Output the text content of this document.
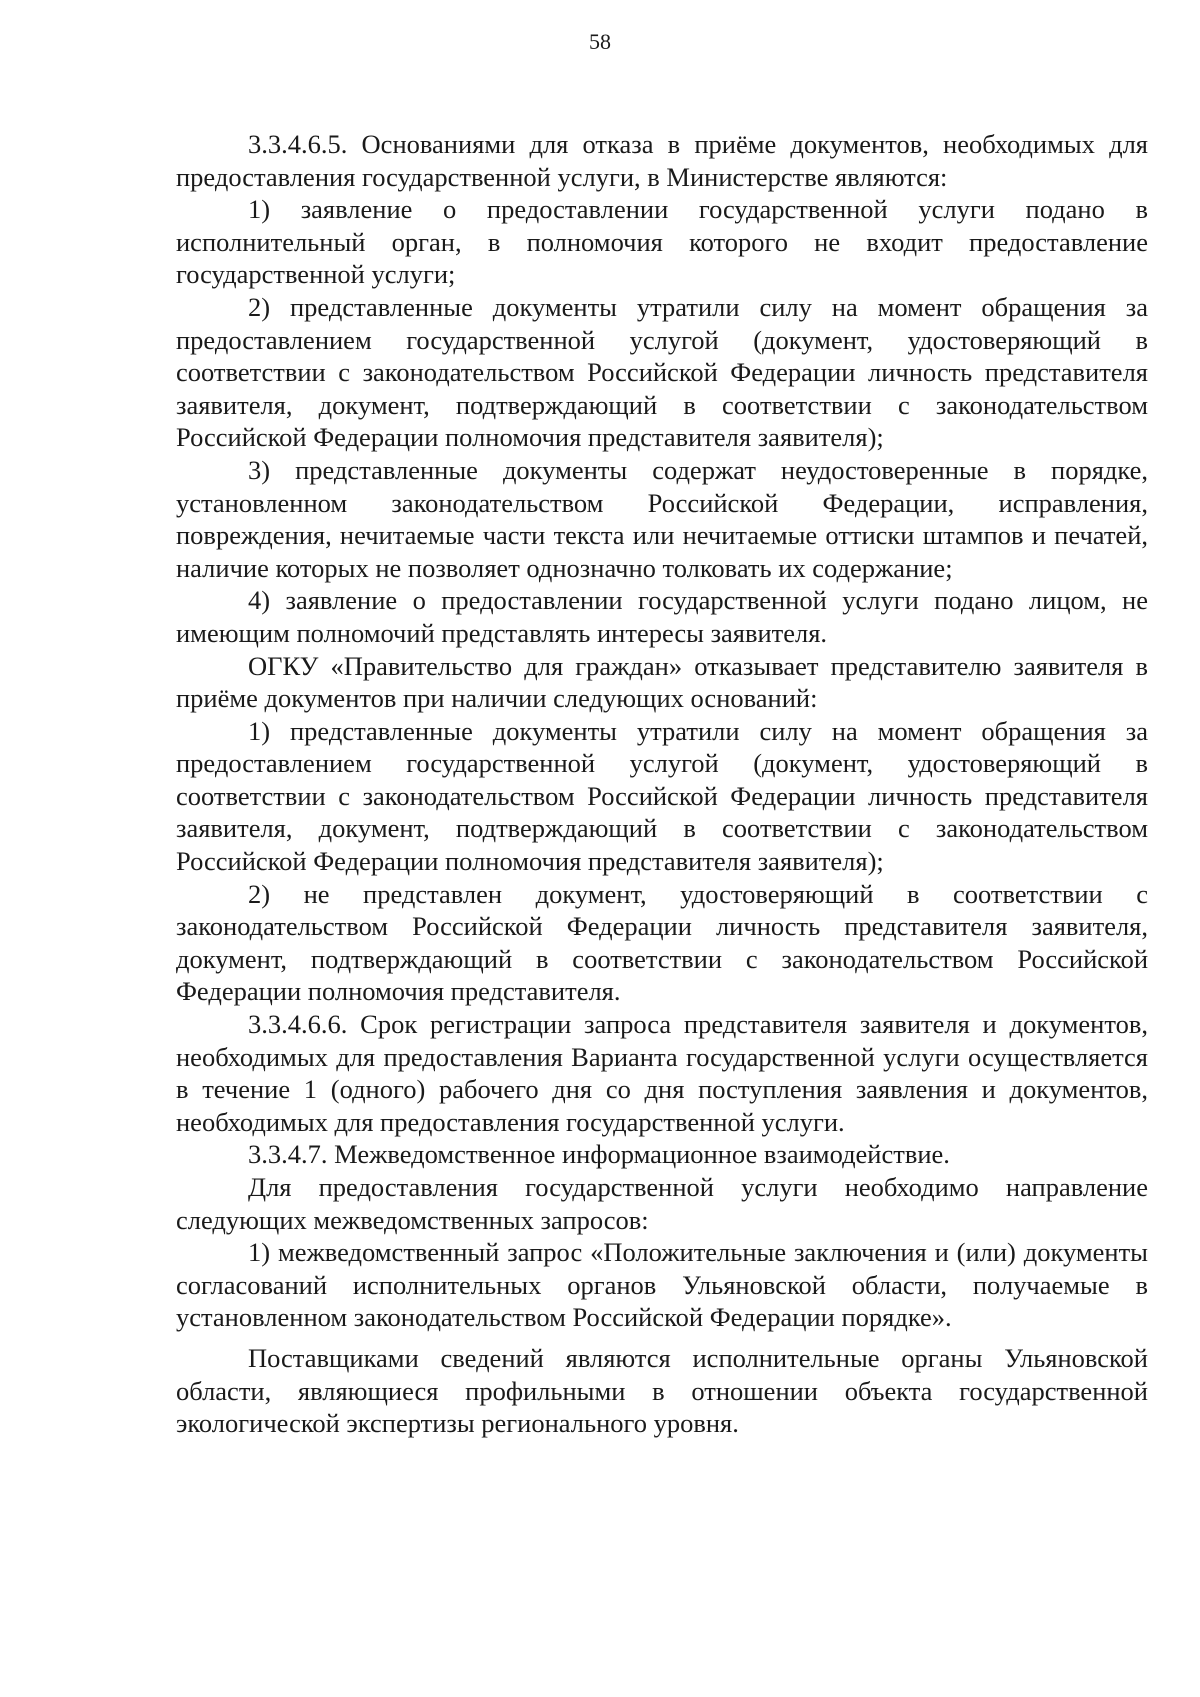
58

3.3.4.6.5. Основаниями для отказа в приёме документов, необходимых для предоставления государственной услуги, в Министерстве являются:

1) заявление о предоставлении государственной услуги подано в исполнительный орган, в полномочия которого не входит предоставление государственной услуги;

2) представленные документы утратили силу на момент обращения за предоставлением государственной услугой (документ, удостоверяющий в соответствии с законодательством Российской Федерации личность представителя заявителя, документ, подтверждающий в соответствии с законодательством Российской Федерации полномочия представителя заявителя);

3) представленные документы содержат неудостоверенные в порядке, установленном законодательством Российской Федерации, исправления, повреждения, нечитаемые части текста или нечитаемые оттиски штампов и печатей, наличие которых не позволяет однозначно толковать их содержание;

4) заявление о предоставлении государственной услуги подано лицом, не имеющим полномочий представлять интересы заявителя.

ОГКУ «Правительство для граждан» отказывает представителю заявителя в приёме документов при наличии следующих оснований:

1) представленные документы утратили силу на момент обращения за предоставлением государственной услугой (документ, удостоверяющий в соответствии с законодательством Российской Федерации личность представителя заявителя, документ, подтверждающий в соответствии с законодательством Российской Федерации полномочия представителя заявителя);

2) не представлен документ, удостоверяющий в соответствии с законодательством Российской Федерации личность представителя заявителя, документ, подтверждающий в соответствии с законодательством Российской Федерации полномочия представителя.

3.3.4.6.6. Срок регистрации запроса представителя заявителя и документов, необходимых для предоставления Варианта государственной услуги осуществляется в течение 1 (одного) рабочего дня со дня поступления заявления и документов, необходимых для предоставления государственной услуги.

3.3.4.7. Межведомственное информационное взаимодействие.

Для предоставления государственной услуги необходимо направление следующих межведомственных запросов:

1) межведомственный запрос «Положительные заключения и (или) документы согласований исполнительных органов Ульяновской области, получаемые в установленном законодательством Российской Федерации порядке».

Поставщиками сведений являются исполнительные органы Ульяновской области, являющиеся профильными в отношении объекта государственной экологической экспертизы регионального уровня.
